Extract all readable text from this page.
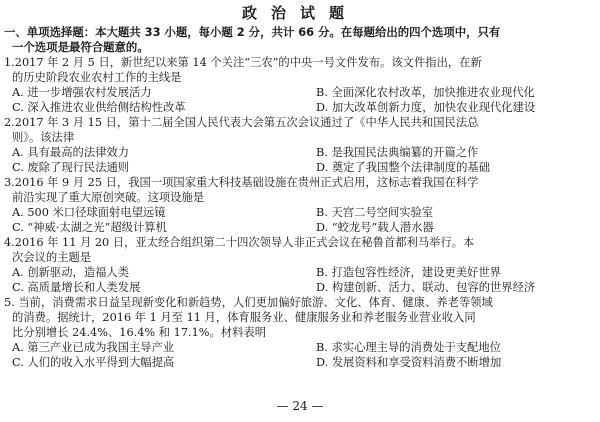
政治试题
一、单项选择题：本大题共 33 小题，每小题 2 分，共计 66 分。在每题给出的四个选项中，只有
一个选项是最符合题意的。
1.2017 年 2 月 5 日，新世纪以来第 14 个关注“三农”的中央一号文件发布。该文件指出，在新
的历史阶段农业农村工作的主线是
A. 进一步增强农村发展活力	B. 全面深化农村改革，加快推进农业现代化
C. 深入推进农业供给侧结构性改革	D. 加大改革创新力度，加快农业现代化建设
2.2017 年 3 月 15 日，第十二届全国人民代表大会第五次会议通过了《中华人民共和国民法总
则》。该法律
A. 具有最高的法律效力	B. 是我国民法典编纂的开篇之作
C. 废除了现行民法通则	D. 奠定了我国整个法律制度的基础
3.2016 年 9 月 25 日，我国一项国家重大科技基础设施在贵州正式启用，这标志着我国在科学
前沿实现了重大原创突破。这项设施是
A. 500 米口径球面射电望远镜	B. 天宫二号空间实验室
C. “神威·太湖之光”超级计算机	D. “蛟龙号”载人潜水器
4.2016 年 11 月 20 日，亚太经合组织第二十四次领导人非正式会议在秘鲁首都利马举行。本
次会议的主题是
A. 创新驱动，造福人类	B. 打造包容性经济，建设更美好世界
C. 高质量增长和人类发展	D. 构建创新、活力、联动、包容的世界经济
5. 当前，消费需求日益呈现新变化和新趋势，人们更加偏好旅游、文化、体育、健康、养老等领域
的消费。据统计，2016 年 1 月至 11 月，体育服务业、健康服务业和养老服务业营业收入同
比分别增长 24.4%、16.4% 和 17.1%。材料表明
A. 第三产业已成为我国主导产业	B. 求实心理主导的消费处于支配地位
C. 人们的收入水平得到大幅提高	D. 发展资料和享受资料消费不断增加
— 24 —
